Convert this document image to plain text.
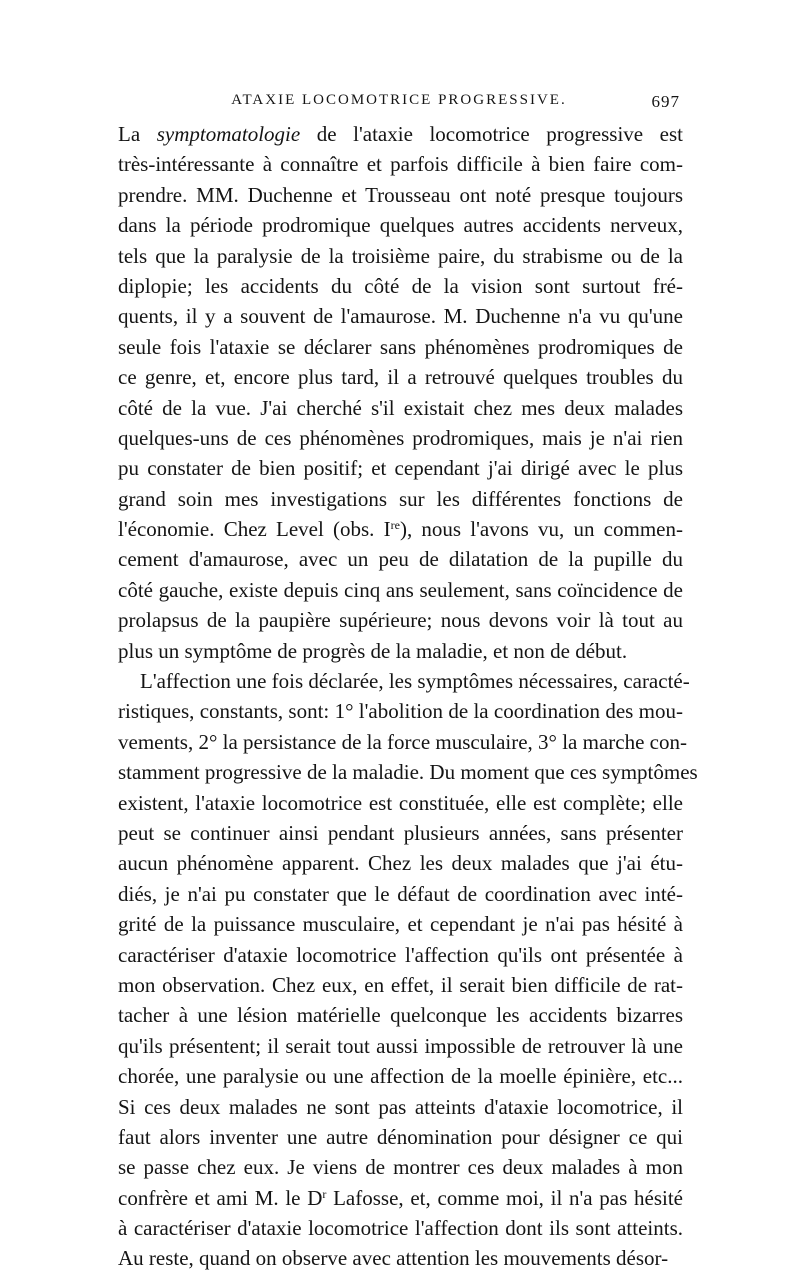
ATAXIE LOCOMOTRICE PROGRESSIVE.	697

La symptomatologie de l'ataxie locomotrice progressive est
très-intéressante à connaître et parfois difficile à bien faire com-
prendre. MM. Duchenne et Trousseau ont noté presque toujours
dans la période prodromique quelques autres accidents nerveux,
tels que la paralysie de la troisième paire, du strabisme ou de la
diplopie; les accidents du côté de la vision sont surtout fré-
quents, il y a souvent de l'amaurose. M. Duchenne n'a vu qu'une
seule fois l'ataxie se déclarer sans phénomènes prodromiques de
ce genre, et, encore plus tard, il a retrouvé quelques troubles du
côté de la vue. J'ai cherché s'il existait chez mes deux malades
quelques-uns de ces phénomènes prodromiques, mais je n'ai rien
pu constater de bien positif; et cependant j'ai dirigé avec le plus
grand soin mes investigations sur les différentes fonctions de
l'économie. Chez Level (obs. Ire), nous l'avons vu, un commen-
cement d'amaurose, avec un peu de dilatation de la pupille du
côté gauche, existe depuis cinq ans seulement, sans coïncidence de
prolapsus de la paupière supérieure; nous devons voir là tout au
plus un symptôme de progrès de la maladie, et non de début.

L'affection une fois déclarée, les symptômes nécessaires, caracté-
ristiques, constants, sont: 1° l'abolition de la coordination des mou-
vements, 2° la persistance de la force musculaire, 3° la marche con-
stamment progressive de la maladie. Du moment que ces symptômes
existent, l'ataxie locomotrice est constituée, elle est complète; elle
peut se continuer ainsi pendant plusieurs années, sans présenter
aucun phénomène apparent. Chez les deux malades que j'ai étu-
diés, je n'ai pu constater que le défaut de coordination avec inté-
grité de la puissance musculaire, et cependant je n'ai pas hésité à
caractériser d'ataxie locomotrice l'affection qu'ils ont présentée à
mon observation. Chez eux, en effet, il serait bien difficile de rat-
tacher à une lésion matérielle quelconque les accidents bizarres
qu'ils présentent; il serait tout aussi impossible de retrouver là une
chorée, une paralysie ou une affection de la moelle épinière, etc...
Si ces deux malades ne sont pas atteints d'ataxie locomotrice, il
faut alors inventer une autre dénomination pour désigner ce qui
se passe chez eux. Je viens de montrer ces deux malades à mon
confrère et ami M. le $D^r$ Lafosse, et, comme moi, il n'a pas hésité
à caractériser d'ataxie locomotrice l'affection dont ils sont atteints.
Au reste, quand on observe avec attention les mouvements désor-
